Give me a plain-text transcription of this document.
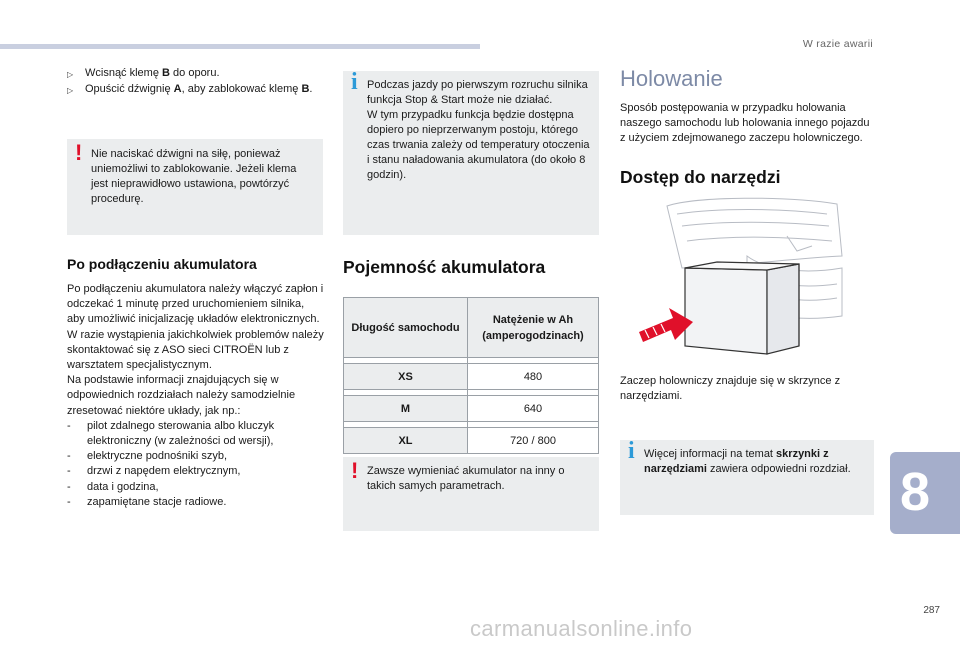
W razie awarii
▷	Wcisnąć klemę B do oporu.
▷	Opuścić dźwignię A, aby zablokować klemę B.
! Nie naciskać dźwigni na siłę, ponieważ uniemożliwi to zablokowanie. Jeżeli klema jest nieprawidłowo ustawiona, powtórzyć procedurę.
Po podłączeniu akumulatora
Po podłączeniu akumulatora należy włączyć zapłon i odczekać 1 minutę przed uruchomieniem silnika, aby umożliwić inicjalizację układów elektronicznych.
W razie wystąpienia jakichkolwiek problemów należy skontaktować się z ASO sieci CITROËN lub z warsztatem specjalistycznym.
Na podstawie informacji znajdujących się w odpowiednich rozdziałach należy samodzielnie zresetować niektóre układy, jak np.:
-	pilot zdalnego sterowania albo kluczyk elektroniczny (w zależności od wersji),
-	elektryczne podnośniki szyb,
-	drzwi z napędem elektrycznym,
-	data i godzina,
-	zapamiętane stacje radiowe.
i Podczas jazdy po pierwszym rozruchu silnika funkcja Stop & Start może nie działać.
W tym przypadku funkcja będzie dostępna dopiero po nieprzerwanym postoju, którego czas trwania zależy od temperatury otoczenia i stanu naładowania akumulatora (do około 8 godzin).
Pojemność akumulatora
Długość samochodu	Natężenie w Ah (amperogodzinach)

XS	480

M	640

XL	720 / 800
! Zawsze wymieniać akumulator na inny o takich samych parametrach.
Holowanie
Sposób postępowania w przypadku holowania naszego samochodu lub holowania innego pojazdu z użyciem zdejmowanego zaczepu holowniczego.
Dostęp do narzędzi
Zaczep holowniczy znajduje się w skrzynce z narzędziami.
i Więcej informacji na temat skrzynki z narzędziami zawiera odpowiedni rozdział. 8
287
carmanualsonline.info
